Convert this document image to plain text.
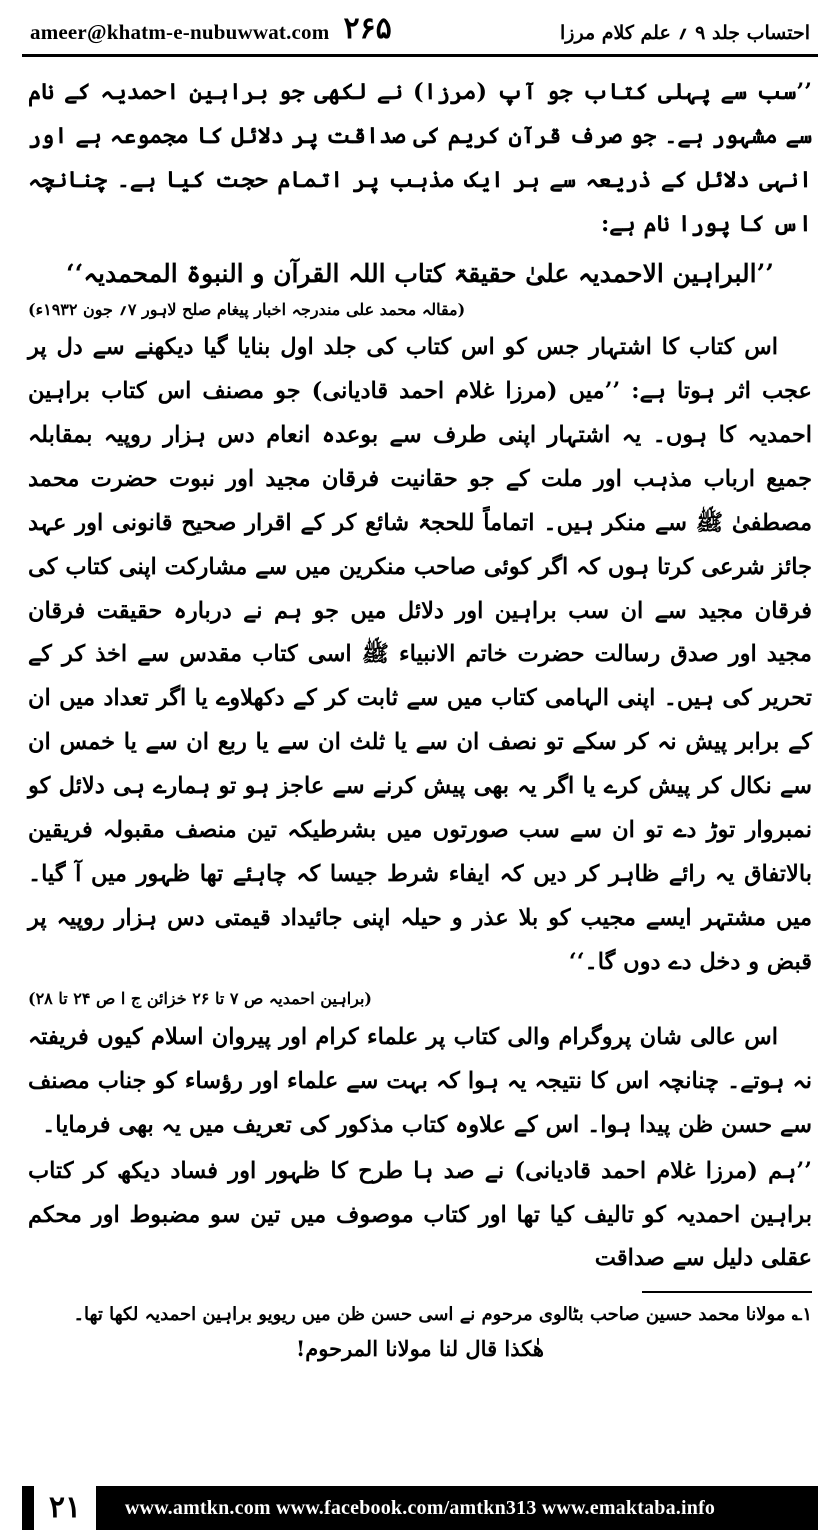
احتساب جلد ۹ ؍ علم کلام مرزا
ameer@khatm-e-nubuwwat.com ۲۶۵

’’سب سے پہلی کتاب جو آپ (مرزا) نے لکھی جو براہین احمدیہ کے نام سے مشہور ہے۔ جو صرف قرآن کریم کی صداقت پر دلائل کا مجموعہ ہے اور انہی دلائل کے ذریعہ سے ہر ایک مذہب پر اتمام حجت کیا ہے۔ چنانچہ اس کا پورا نام ہے:

’’البراہین الاحمدیہ علیٰ حقیقۃ کتاب اللہ القرآن و النبوۃ المحمدیہ‘‘
(مقالہ محمد علی مندرجہ اخبار پیغام صلح لاہور ۷؍ جون ۱۹۳۲ء)

اس کتاب کا اشتہار جس کو اس کتاب کی جلد اول بنایا گیا دیکھنے سے دل پر عجب اثر ہوتا ہے: ’’میں (مرزا غلام احمد قادیانی) جو مصنف اس کتاب براہین احمدیہ کا ہوں۔ یہ اشتہار اپنی طرف سے بوعدہ انعام دس ہزار روپیہ بمقابلہ جمیع ارباب مذہب اور ملت کے جو حقانیت فرقان مجید اور نبوت حضرت محمد مصطفیٰ ﷺ سے منکر ہیں۔ اتماماً للحجۃ شائع کر کے اقرار صحیح قانونی اور عہد جائز شرعی کرتا ہوں کہ اگر کوئی صاحب منکرین میں سے مشارکت اپنی کتاب کی فرقان مجید سے ان سب براہین اور دلائل میں جو ہم نے دربارہ حقیقت فرقان مجید اور صدق رسالت حضرت خاتم الانبیاء ﷺ اسی کتاب مقدس سے اخذ کر کے تحریر کی ہیں۔ اپنی الہامی کتاب میں سے ثابت کر کے دکھلاوے یا اگر تعداد میں ان کے برابر پیش نہ کر سکے تو نصف ان سے یا ثلث ان سے یا ربع ان سے یا خمس ان سے نکال کر پیش کرے یا اگر یہ بھی پیش کرنے سے عاجز ہو تو ہمارے ہی دلائل کو نمبروار توڑ دے تو ان سے سب صورتوں میں بشرطیکہ تین منصف مقبولہ فریقین بالاتفاق یہ رائے ظاہر کر دیں کہ ایفاء شرط جیسا کہ چاہئے تھا ظہور میں آ گیا۔ میں مشتہر ایسے مجیب کو بلا عذر و حیلہ اپنی جائیداد قیمتی دس ہزار روپیہ پر قبض و دخل دے دوں گا۔‘‘

(براہین احمدیہ ص ۷ تا ۲۶ خزائن ج ا ص ۲۴ تا ۲۸)

اس عالی شان پروگرام والی کتاب پر علماء کرام اور پیروان اسلام کیوں فریفتہ نہ ہوتے۔ چنانچہ اس کا نتیجہ یہ ہوا کہ بہت سے علماء اور رؤساء کو جناب مصنف سے حسن ظن پیدا ہوا۔ اس کے علاوہ کتاب مذکور کی تعریف میں یہ بھی فرمایا۔

’’ہم (مرزا غلام احمد قادیانی) نے صد ہا طرح کا ظہور اور فساد دیکھ کر کتاب براہین احمدیہ کو تالیف کیا تھا اور کتاب موصوف میں تین سو مضبوط اور محکم عقلی دلیل سے صداقت

۱؎ مولانا محمد حسین صاحب بٹالوی مرحوم نے اسی حسن ظن میں ریویو براہین احمدیہ لکھا تھا۔
ھٰکذا قال لنا مولانا المرحوم!
www.amtkn.com www.facebook.com/amtkn313 www.emaktaba.info
۲۱
